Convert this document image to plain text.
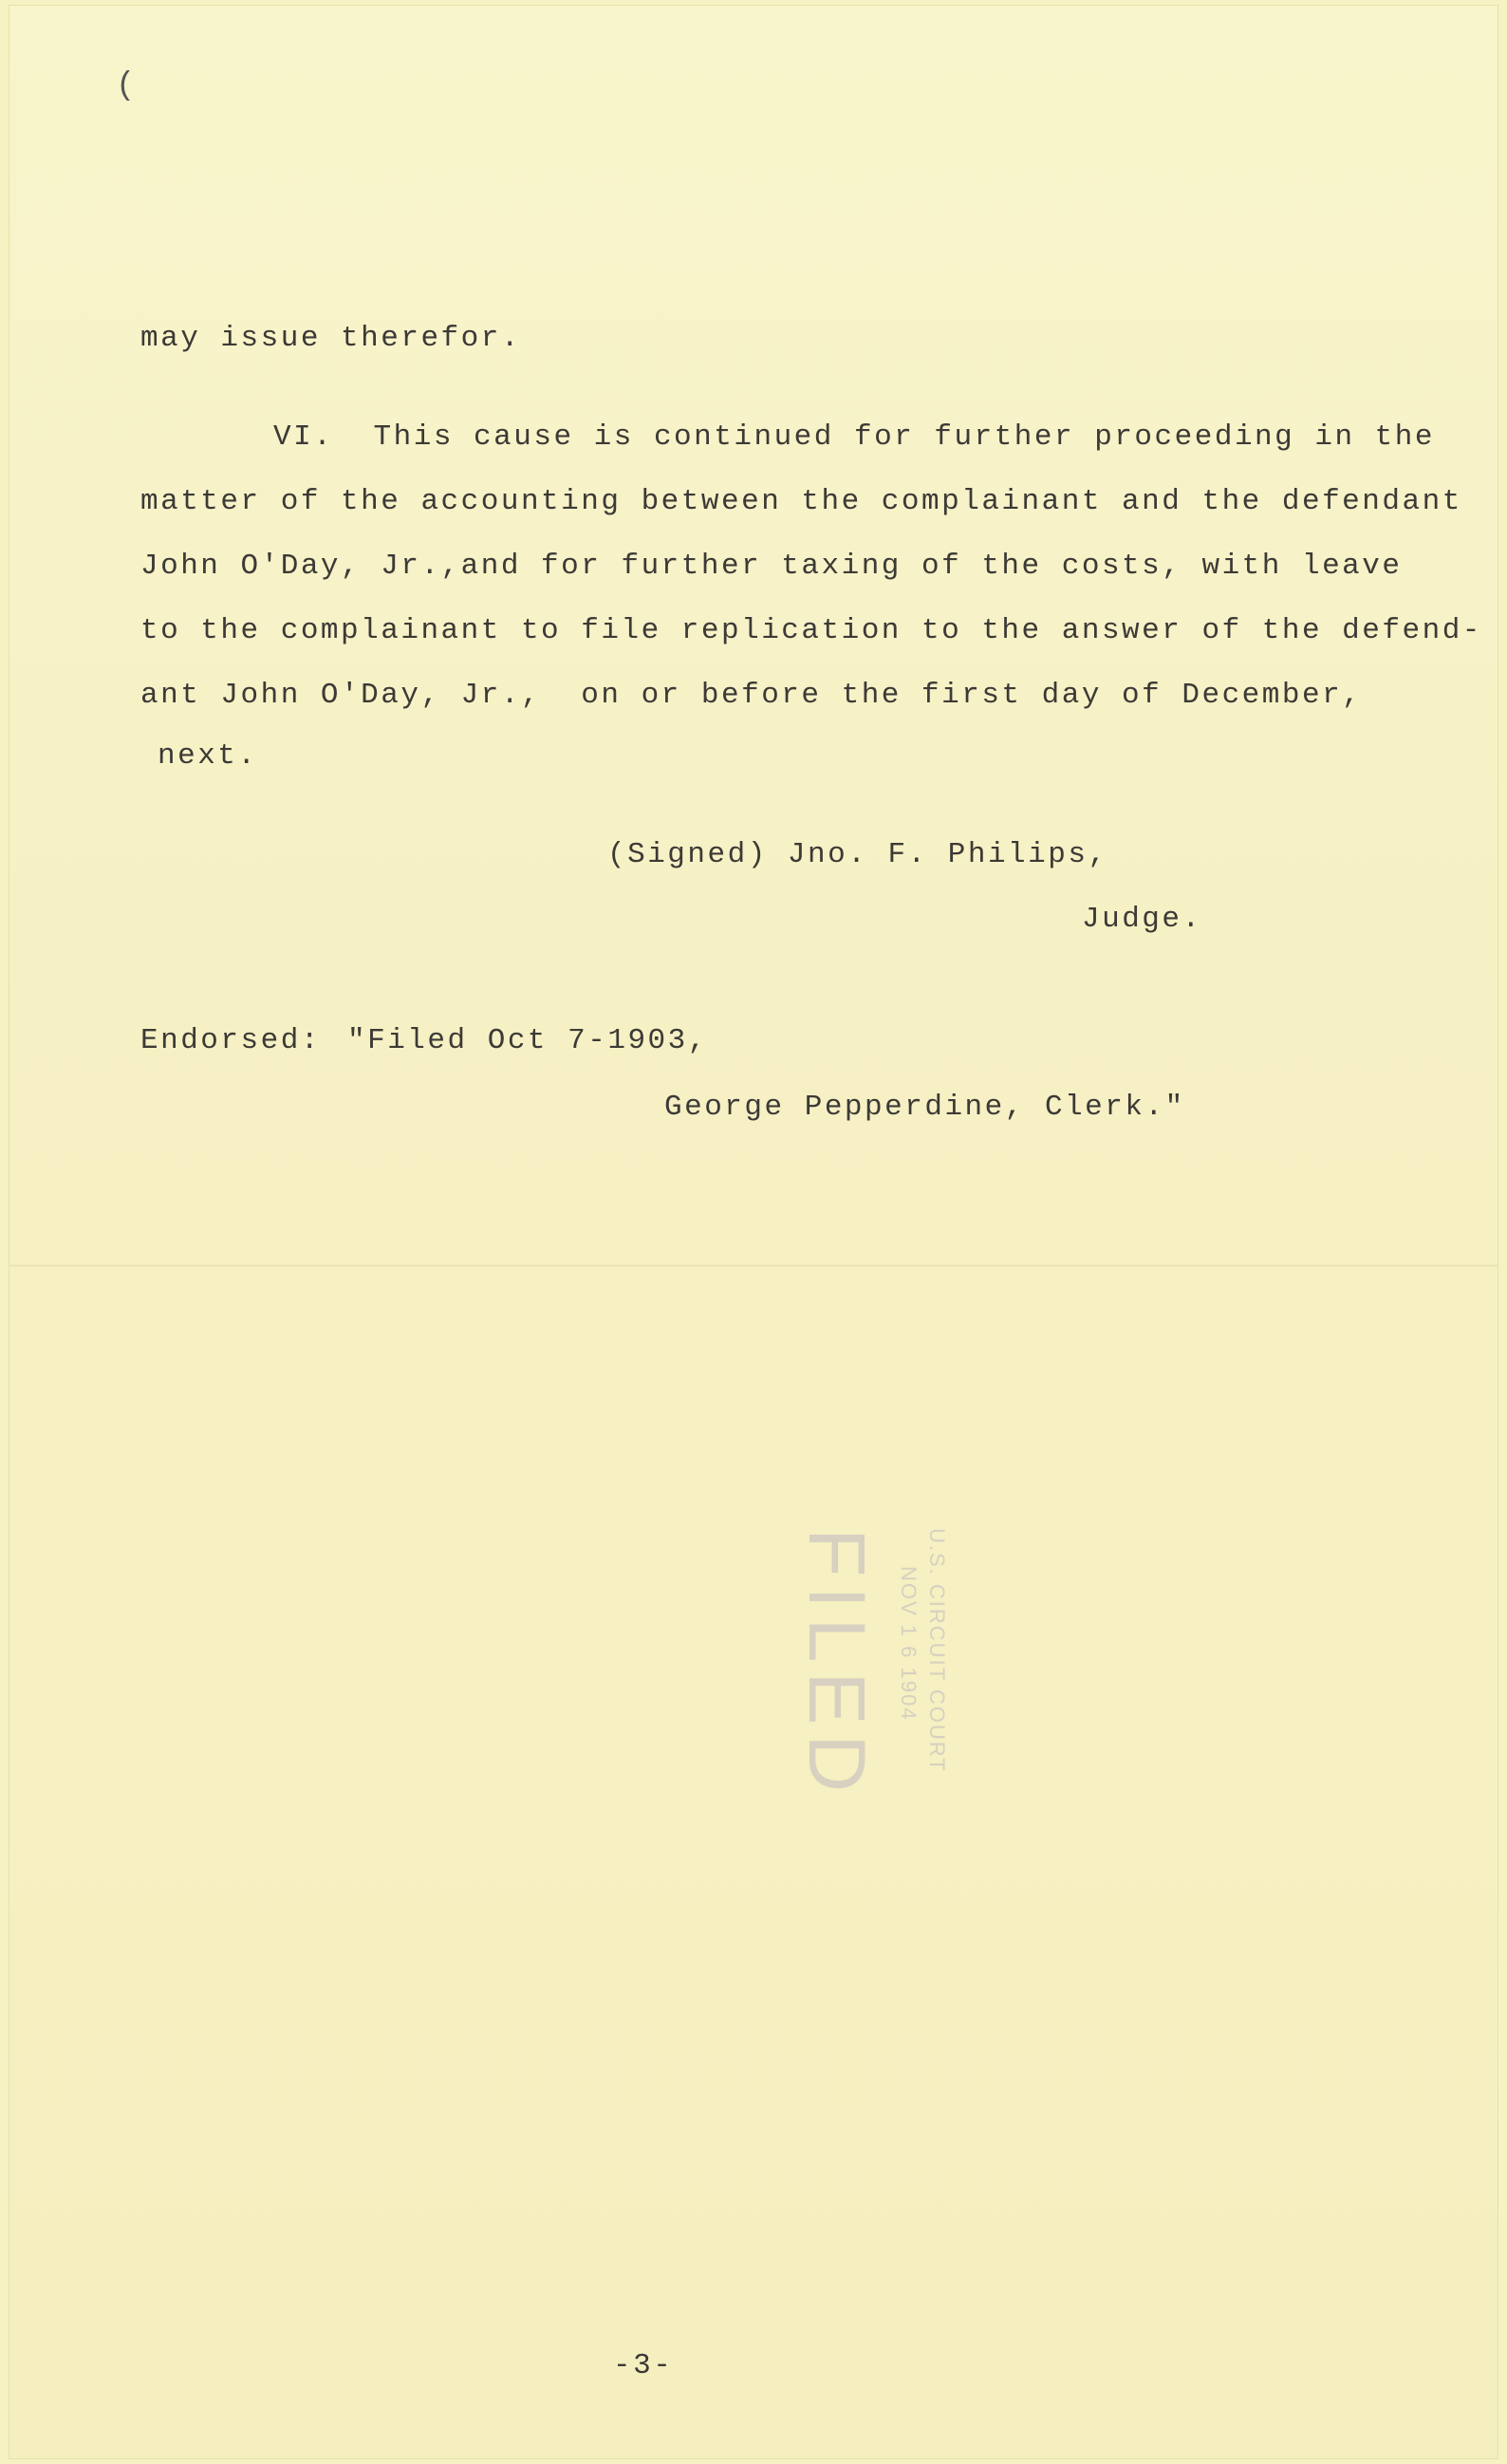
(
may issue therefor.
VI.  This cause is continued for further proceeding in the
matter of the accounting between the complainant and the defendant
John O'Day, Jr.,and for further taxing of the costs, with leave
to the complainant to file replication to the answer of the defend-
ant John O'Day, Jr.,  on or before the first day of December,
next.
(Signed) Jno. F. Philips,
Judge.
Endorsed: "Filed Oct 7-1903,
George Pepperdine, Clerk."
U.S. CIRCUIT COURT
NOV 1 6 1904
FILED
-3-
